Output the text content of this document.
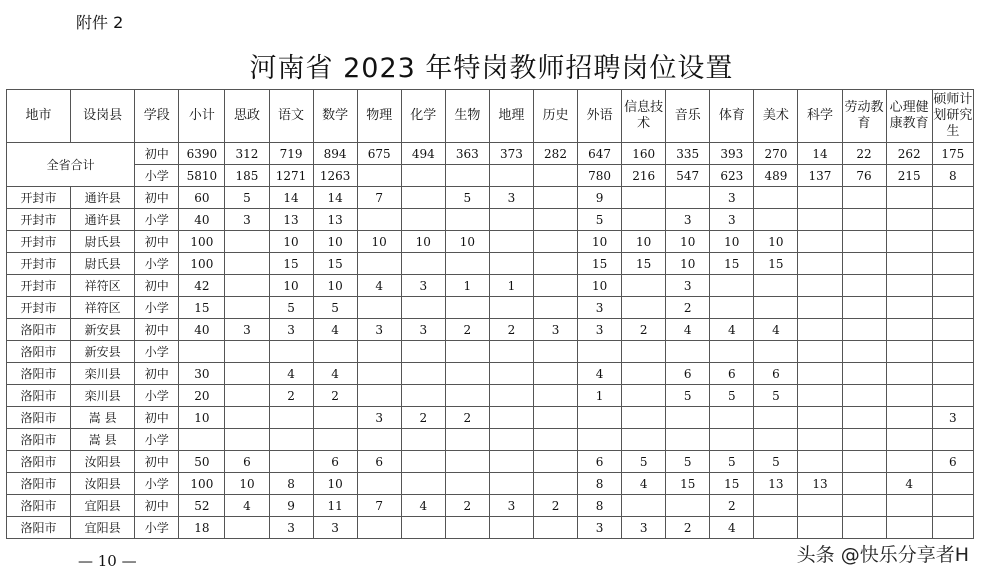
附件 2
河南省 2023 年特岗教师招聘岗位设置
地市	设岗县	学段	小计	思政	语文	数学	物理	化学	生物	地理	历史	外语	信息技术	音乐	体育	美术	科学	劳动教育	心理健康教育	硕师计划研究生
全省合计		初中	6390	312	719	894	675	494	363	373	282	647	160	335	393	270	14	22	262	175
		小学	5810	185	1271	1263						780	216	547	623	489	137	76	215	8
开封市	通许县	初中	60	5	14	14	7		5	3		9			3					
开封市	通许县	小学	40	3	13	13						5		3	3					
开封市	尉氏县	初中	100		10	10	10	10	10			10	10	10	10	10				
开封市	尉氏县	小学	100		15	15						15	15	10	15	15				
开封市	祥符区	初中	42		10	10	4	3	1	1		10		3						
开封市	祥符区	小学	15		5	5						3		2						
洛阳市	新安县	初中	40	3	3	4	3	3	2	2	3	3	2	4	4	4				
洛阳市	新安县	小学																		
洛阳市	栾川县	初中	30		4	4						4		6	6	6				
洛阳市	栾川县	小学	20		2	2						1		5	5	5				
洛阳市	嵩 县	初中	10				3	2	2											3
洛阳市	嵩 县	小学																		
洛阳市	汝阳县	初中	50	6		6	6					6	5	5	5	5				6
洛阳市	汝阳县	小学	100	10	8	10						8	4	15	15	13	13		4	
洛阳市	宜阳县	初中	52	4	9	11	7	4	2	3	2	8			2					
洛阳市	宜阳县	小学	18		3	3						3	3	2	4					
— 10 —	头条 @快乐分享者H
